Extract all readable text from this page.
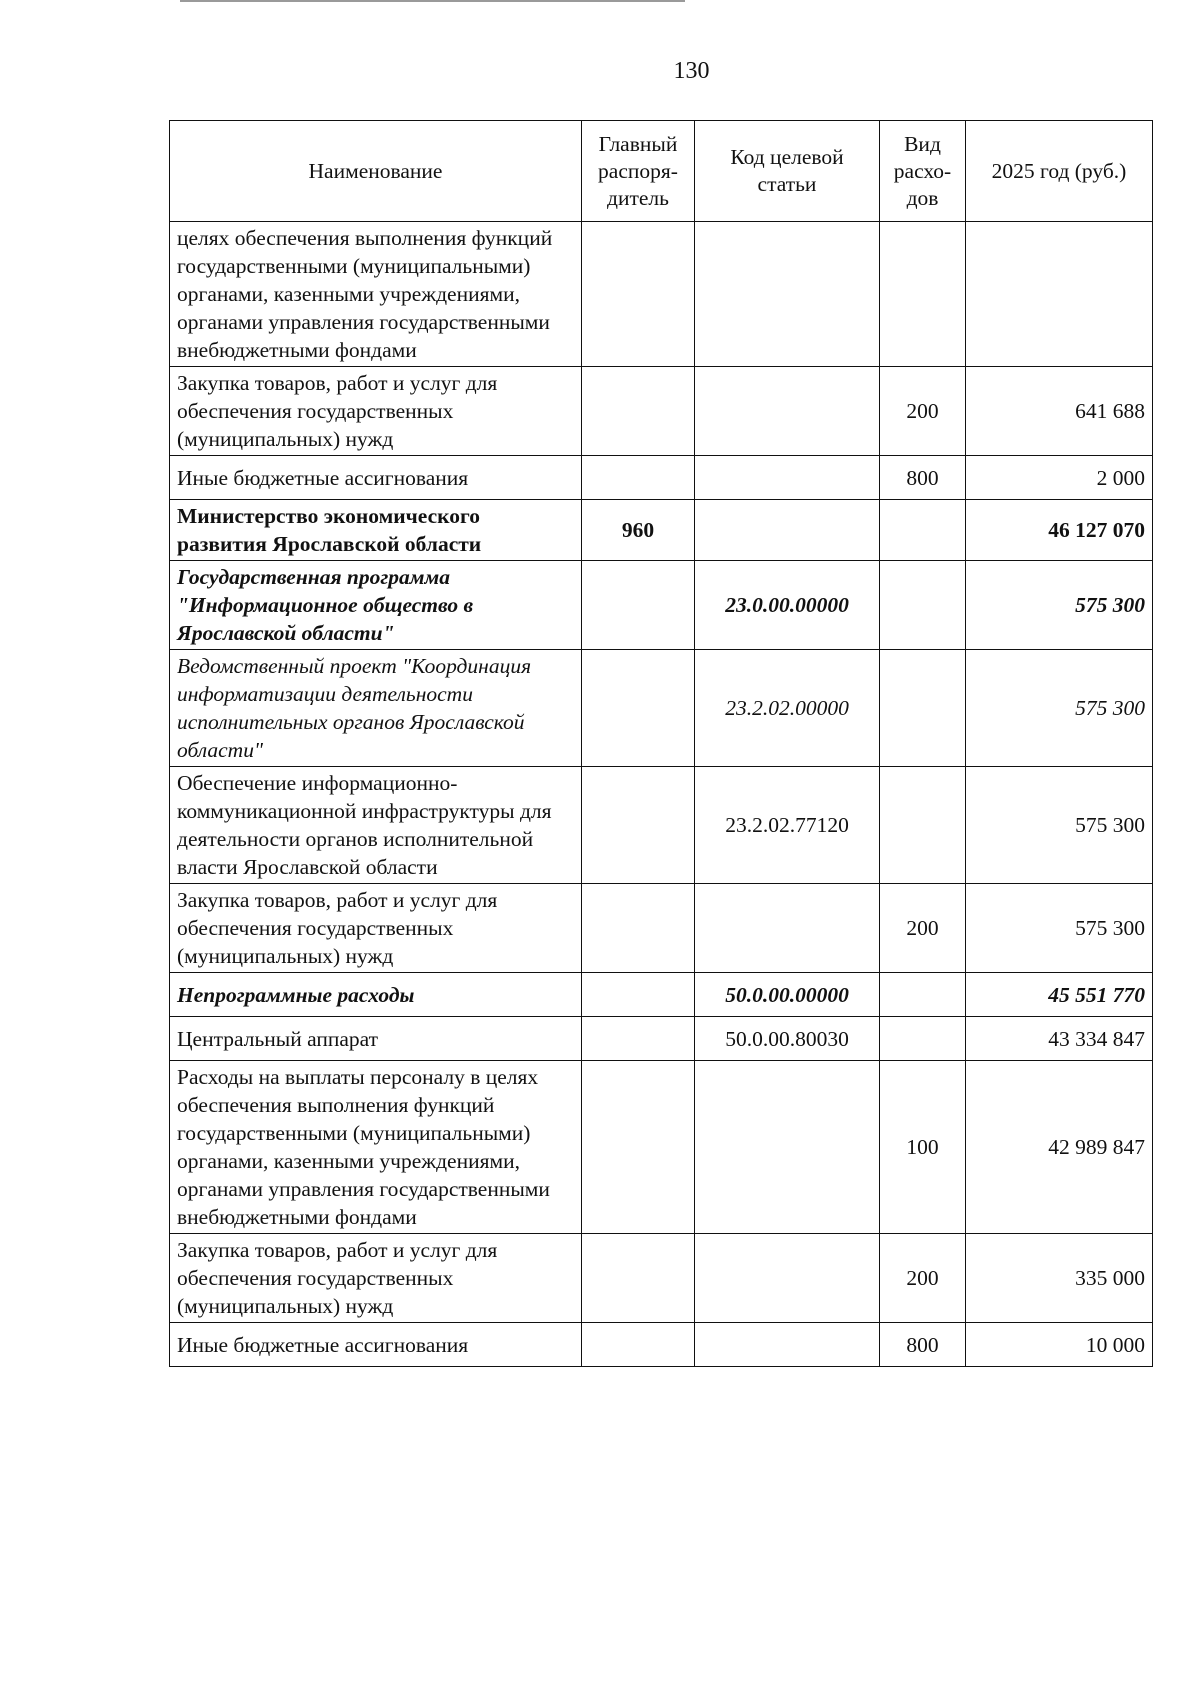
130
Наименование	Главный распоря-дитель	Код целевой статьи	Вид расхо-дов	2025 год (руб.)
целях обеспечения выполнения функций государственными (муниципальными) органами, казенными учреждениями, органами управления государственными внебюджетными фондами				
Закупка товаров, работ и услуг для обеспечения государственных (муниципальных) нужд			200	641 688
Иные бюджетные ассигнования			800	2 000
Министерство экономического развития Ярославской области	960			46 127 070
Государственная программа "Информационное общество в Ярославской области"		23.0.00.00000		575 300
Ведомственный проект "Координация информатизации деятельности исполнительных органов Ярославской области"		23.2.02.00000		575 300
Обеспечение информационно-коммуникационной инфраструктуры для деятельности органов исполнительной власти Ярославской области		23.2.02.77120		575 300
Закупка товаров, работ и услуг для обеспечения государственных (муниципальных) нужд			200	575 300
Непрограммные расходы		50.0.00.00000		45 551 770
Центральный аппарат		50.0.00.80030		43 334 847
Расходы на выплаты персоналу в целях обеспечения выполнения функций государственными (муниципальными) органами, казенными учреждениями, органами управления государственными внебюджетными фондами			100	42 989 847
Закупка товаров, работ и услуг для обеспечения государственных (муниципальных) нужд			200	335 000
Иные бюджетные ассигнования			800	10 000
